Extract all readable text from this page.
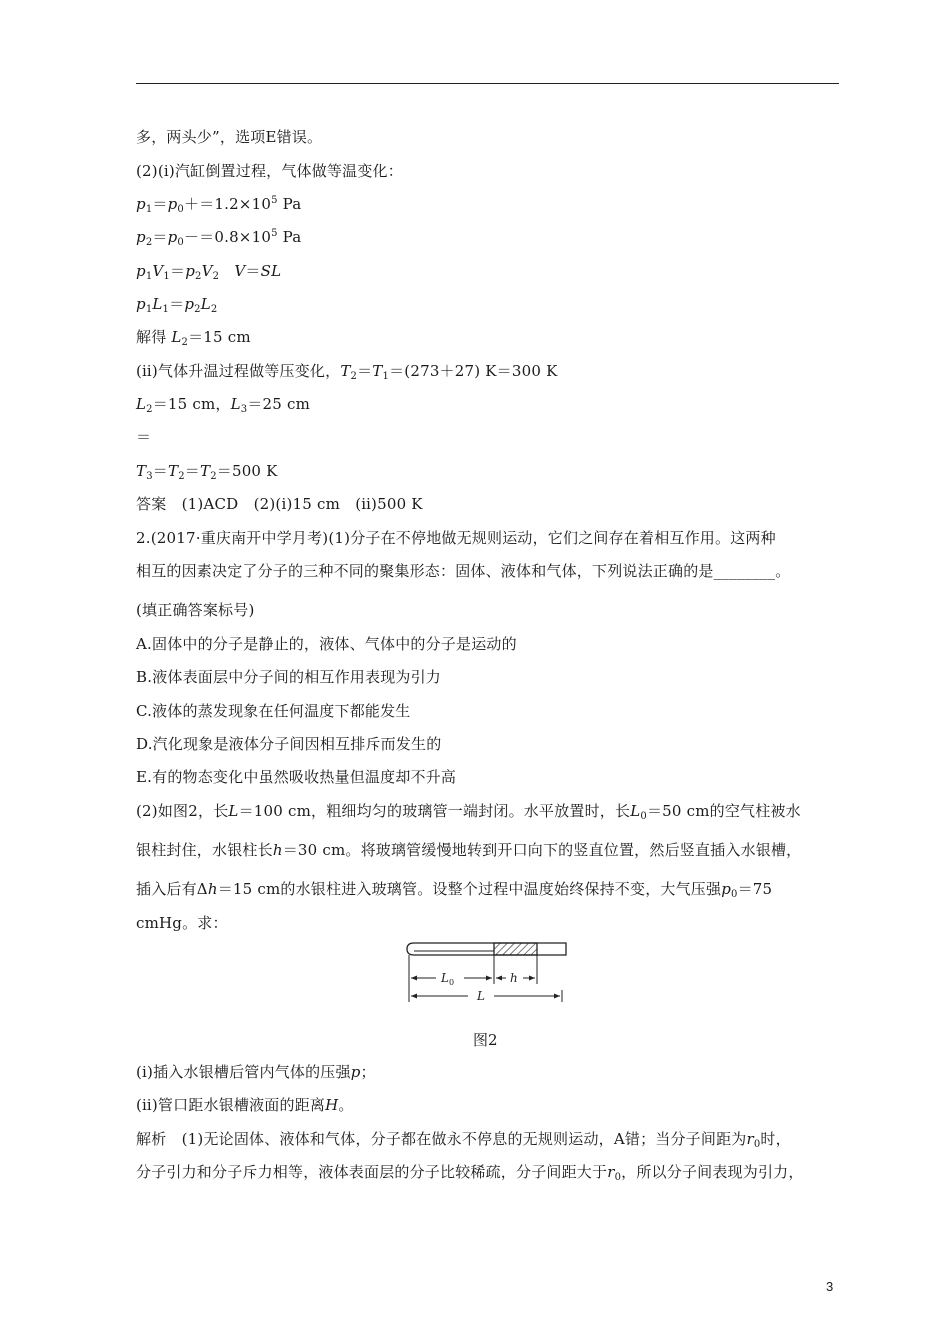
多，两头少”，选项E错误。
(2)(ⅰ)汽缸倒置过程，气体做等温变化：
$p_1=p_0+=1.2\times 10^5$ Pa
$p_2=p_0-=0.8\times 10^5$ Pa
$p_1V_1=p_2V_2$　 V＝SL
$p_1L_1=p_2L_2$
解得 $L_2=15$ cm
(ⅱ)气体升温过程做等压变化，$T_2=T_1=(273+27)$ K＝300 K
$L_2=15$ cm，$L_3=25$ cm
＝
$T_3=T_2=T_2=500$ K
答案　(1)ACD　(2)(ⅰ)15 cm　(ⅱ)500 K
2.(2017·重庆南开中学月考)(1)分子在不停地做无规则运动，它们之间存在着相互作用。这两种
相互的因素决定了分子的三种不同的聚集形态：固体、液体和气体，下列说法正确的是________。
(填正确答案标号)
A.固体中的分子是静止的，液体、气体中的分子是运动的
B.液体表面层中分子间的相互作用表现为引力
C.液体的蒸发现象在任何温度下都能发生
D.汽化现象是液体分子间因相互排斥而发生的
E.有的物态变化中虽然吸收热量但温度却不升高
(2)如图2，长L＝100 cm，粗细均匀的玻璃管一端封闭。水平放置时，长$L_0=50$ cm的空气柱被水
银柱封住，水银柱长h＝30 cm。将玻璃管缓慢地转到开口向下的竖直位置，然后竖直插入水银槽，
插入后有Δh＝15 cm的水银柱进入玻璃管。设整个过程中温度始终保持不变，大气压强$p_0=75$
cmHg。求：
$L_0$	h
L
图2
(ⅰ)插入水银槽后管内气体的压强p；
(ⅱ)管口距水银槽液面的距离H。
解析　(1)无论固体、液体和气体，分子都在做永不停息的无规则运动，A错；当分子间距为$r_0$时，
分子引力和分子斥力相等，液体表面层的分子比较稀疏，分子间距大于$r_0$，所以分子间表现为引力，
3
